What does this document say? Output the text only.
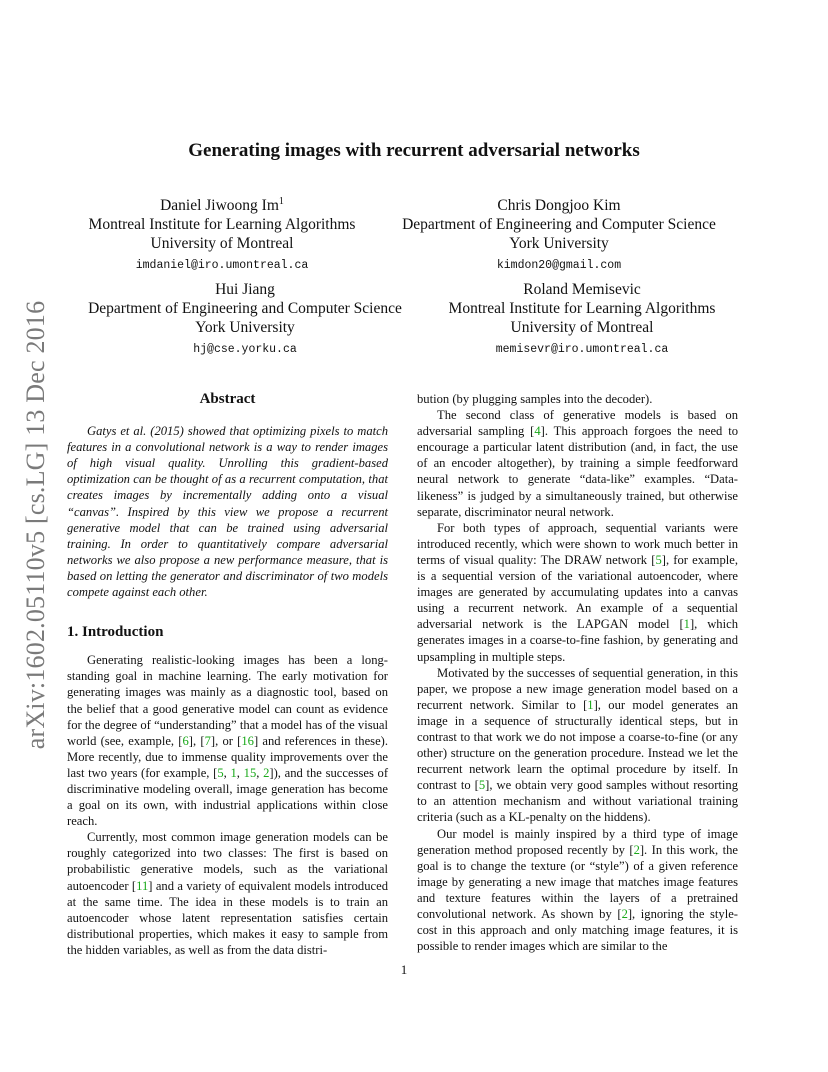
arXiv:1602.05110v5 [cs.LG] 13 Dec 2016
Generating images with recurrent adversarial networks
Daniel Jiwoong Im$^1$
Montreal Institute for Learning Algorithms
University of Montreal
imdaniel@iro.umontreal.ca
Chris Dongjoo Kim
Department of Engineering and Computer Science
York University
kimdon20@gmail.com
Hui Jiang
Department of Engineering and Computer Science
York University
hj@cse.yorku.ca
Roland Memisevic
Montreal Institute for Learning Algorithms
University of Montreal
memisevr@iro.umontreal.ca
Abstract

Gatys et al. (2015) showed that optimizing pixels to match features in a convolutional network is a way to render images of high visual quality. Unrolling this gradient-based optimization can be thought of as a recurrent computation, that creates images by incrementally adding onto a visual “canvas”. Inspired by this view we propose a recurrent generative model that can be trained using adversarial training. In order to quantitatively compare adversarial networks we also propose a new performance measure, that is based on letting the generator and discriminator of two models compete against each other.

1. Introduction

Generating realistic-looking images has been a long-standing goal in machine learning. The early motivation for generating images was mainly as a diagnostic tool, based on the belief that a good generative model can count as evidence for the degree of “understanding” that a model has of the visual world (see, example, [6], [7], or [16] and references in these). More recently, due to immense quality improvements over the last two years (for example, [5, 1, 15, 2]), and the successes of discriminative modeling overall, image generation has become a goal on its own, with industrial applications within close reach.

Currently, most common image generation models can be roughly categorized into two classes: The first is based on probabilistic generative models, such as the variational autoencoder [11] and a variety of equivalent models introduced at the same time. The idea in these models is to train an autoencoder whose latent representation satisfies certain distributional properties, which makes it easy to sample from the hidden variables, as well as from the data distri-

bution (by plugging samples into the decoder).

The second class of generative models is based on adversarial sampling [4]. This approach forgoes the need to encourage a particular latent distribution (and, in fact, the use of an encoder altogether), by training a simple feedforward neural network to generate “data-like” examples. “Data-likeness” is judged by a simultaneously trained, but otherwise separate, discriminator neural network.

For both types of approach, sequential variants were introduced recently, which were shown to work much better in terms of visual quality: The DRAW network [5], for example, is a sequential version of the variational autoencoder, where images are generated by accumulating updates into a canvas using a recurrent network. An example of a sequential adversarial network is the LAPGAN model [1], which generates images in a coarse-to-fine fashion, by generating and upsampling in multiple steps.

Motivated by the successes of sequential generation, in this paper, we propose a new image generation model based on a recurrent network. Similar to [1], our model generates an image in a sequence of structurally identical steps, but in contrast to that work we do not impose a coarse-to-fine (or any other) structure on the generation procedure. Instead we let the recurrent network learn the optimal procedure by itself. In contrast to [5], we obtain very good samples without resorting to an attention mechanism and without variational training criteria (such as a KL-penalty on the hiddens).

Our model is mainly inspired by a third type of image generation method proposed recently by [2]. In this work, the goal is to change the texture (or “style”) of a given reference image by generating a new image that matches image features and texture features within the layers of a pretrained convolutional network. As shown by [2], ignoring the style-cost in this approach and only matching image features, it is possible to render images which are similar to the

1
